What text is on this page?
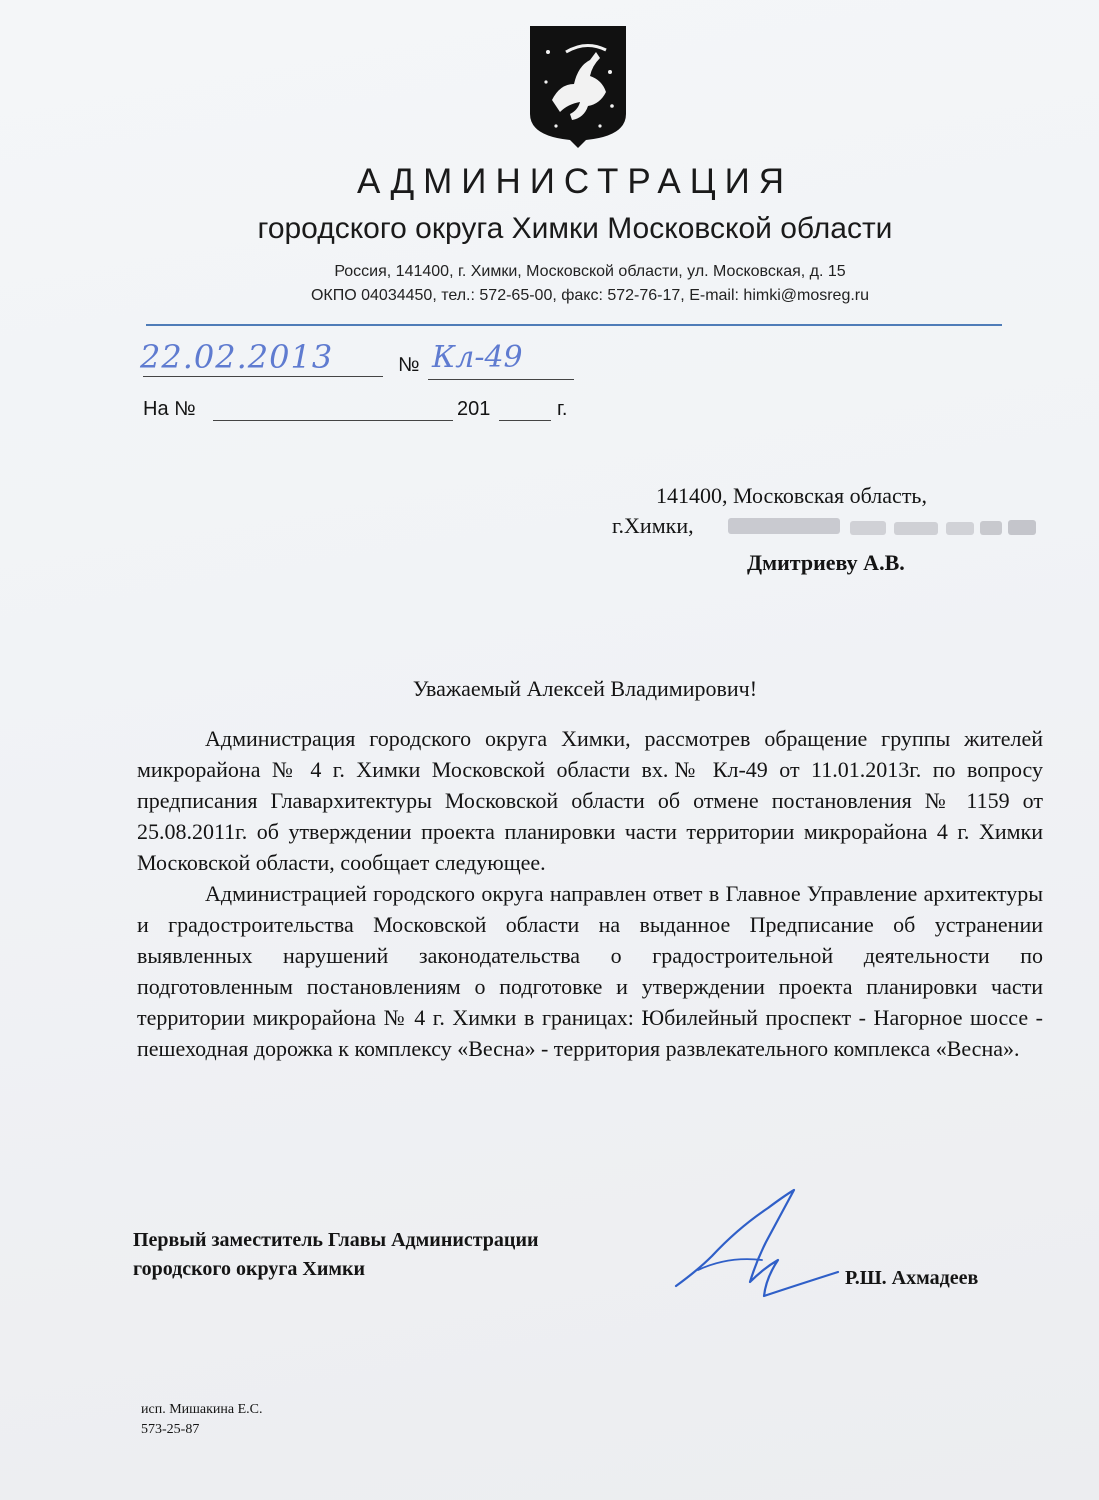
АДМИНИСТРАЦИЯ
городского округа Химки Московской области
Россия, 141400, г. Химки, Московской области, ул. Московская, д. 15
ОКПО 04034450, тел.: 572-65-00, факс: 572-76-17, E-mail: himki@mosreg.ru
22.02.2013	№ Кл-49
На №	201	г.
141400, Московская область,
г.Химки,
Дмитриеву А.В.
Уважаемый Алексей Владимирович!

Администрация городского округа Химки, рассмотрев обращение группы жителей микрорайона № 4 г. Химки Московской области вх.№ Кл-49 от 11.01.2013г. по вопросу предписания Главархитектуры Московской области об отмене постановления № 1159 от 25.08.2011г. об утверждении проекта планировки части территории микрорайона 4 г. Химки Московской области, сообщает следующее.

Администрацией городского округа направлен ответ в Главное Управление архитектуры и градостроительства Московской области на выданное Предписание об устранении выявленных нарушений законодательства о градостроительной деятельности по подготовленным постановлениям о подготовке и утверждении проекта планировки части территории микрорайона № 4 г. Химки в границах: Юбилейный проспект - Нагорное шоссе - пешеходная дорожка к комплексу «Весна» - территория развлекательного комплекса «Весна».

Первый заместитель Главы Администрации
городского округа Химки	Р.Ш. Ахмадеев
исп. Мишакина Е.С.
573-25-87
